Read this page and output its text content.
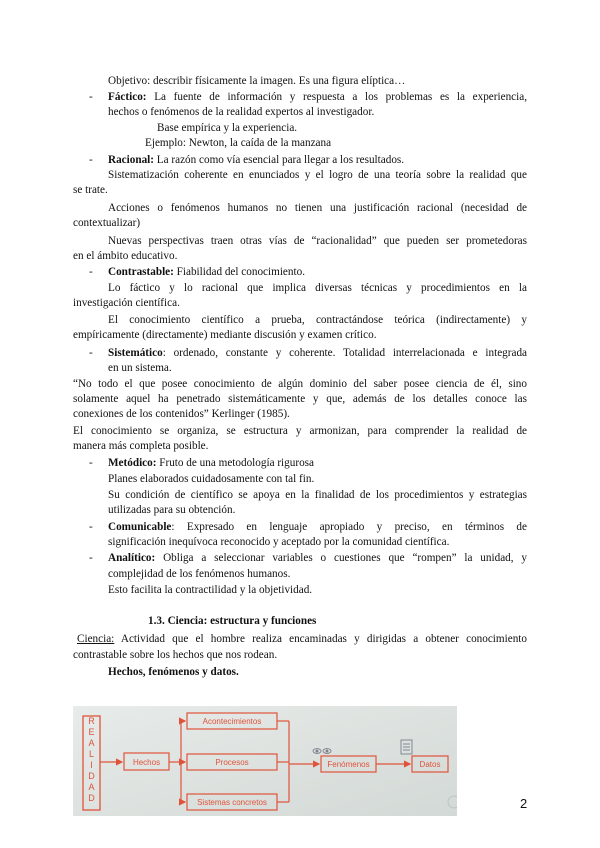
Objetivo: describir físicamente la imagen. Es una figura elíptica…
- Fáctico: La fuente de información y respuesta a los problemas es la experiencia,
hechos o fenómenos de la realidad expertos al investigador.
Base empírica y la experiencia.
Ejemplo: Newton, la caída de la manzana
- Racional: La razón como vía esencial para llegar a los resultados.
Sistematización coherente en enunciados y el logro de una teoría sobre la realidad que
se trate.
Acciones o fenómenos humanos no tienen una justificación racional (necesidad de
contextualizar)
Nuevas perspectivas traen otras vías de “racionalidad” que pueden ser prometedoras
en el ámbito educativo.
- Contrastable: Fiabilidad del conocimiento.
Lo fáctico y lo racional que implica diversas técnicas y procedimientos en la
investigación científica.
El conocimiento científico a prueba, contractándose teórica (indirectamente) y
empíricamente (directamente) mediante discusión y examen crítico.
- Sistemático: ordenado, constante y coherente. Totalidad interrelacionada e integrada
en un sistema.
“No todo el que posee conocimiento de algún dominio del saber posee ciencia de él, sino
solamente aquel ha penetrado sistemáticamente y que, además de los detalles conoce las
conexiones de los contenidos” Kerlinger (1985).
El conocimiento se organiza, se estructura y armonizan, para comprender la realidad de
manera más completa posible.
- Metódico: Fruto de una metodología rigurosa
Planes elaborados cuidadosamente con tal fin.
Su condición de científico se apoya en la finalidad de los procedimientos y estrategias
utilizadas para su obtención.
- Comunicable: Expresado en lenguaje apropiado y preciso, en términos de
significación inequívoca reconocido y aceptado por la comunidad científica.
- Analítico: Obliga a seleccionar variables o cuestiones que “rompen” la unidad, y
complejidad de los fenómenos humanos.
Esto facilita la contractilidad y la objetividad.
1.3. Ciencia: estructura y funciones
Ciencia: Actividad que el hombre realiza encaminadas y dirigidas a obtener conocimiento
contrastable sobre los hechos que nos rodean.
Hechos, fenómenos y datos.
R E A L I D A D
Hechos
Acontecimientos
Procesos
Sistemas concretos
Fenómenos	Datos
2
